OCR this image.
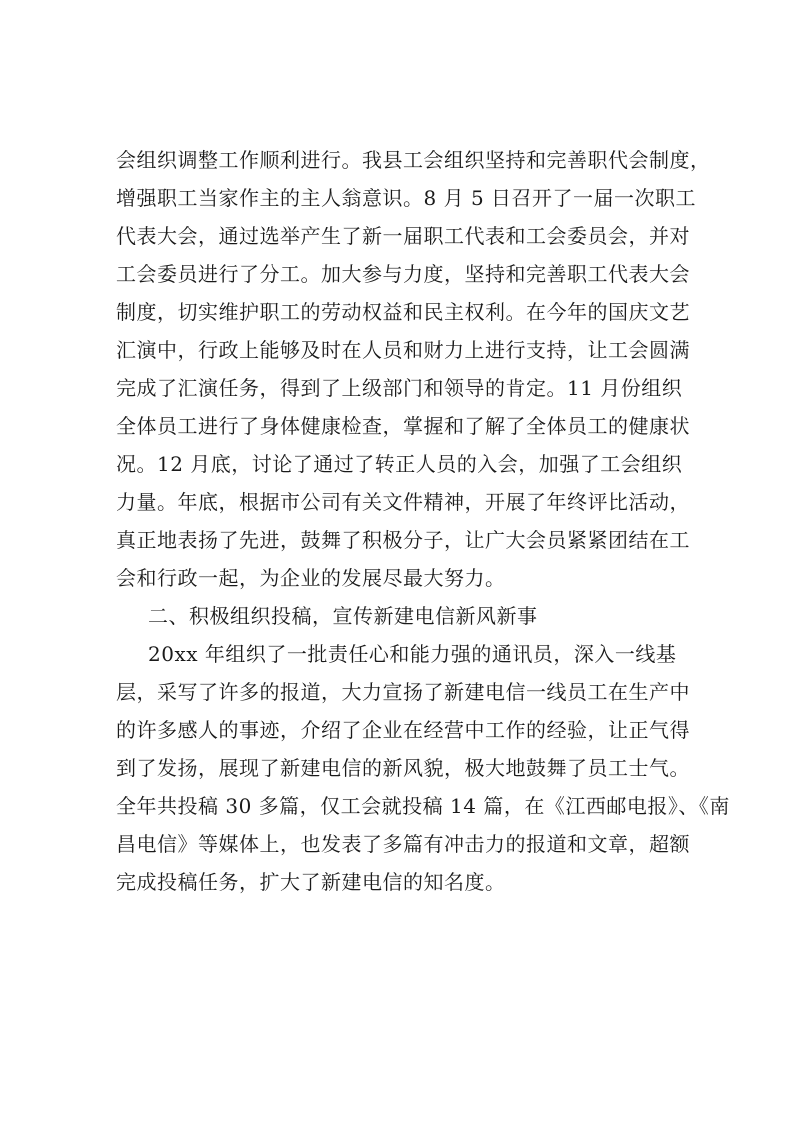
会组织调整工作顺利进行。我县工会组织坚持和完善职代会制度，
增强职工当家作主的主人翁意识。8 月 5 日召开了一届一次职工
代表大会，通过选举产生了新一届职工代表和工会委员会，并对
工会委员进行了分工。加大参与力度，坚持和完善职工代表大会
制度，切实维护职工的劳动权益和民主权利。在今年的国庆文艺
汇演中，行政上能够及时在人员和财力上进行支持，让工会圆满
完成了汇演任务，得到了上级部门和领导的肯定。11 月份组织
全体员工进行了身体健康检查，掌握和了解了全体员工的健康状
况。12 月底，讨论了通过了转正人员的入会，加强了工会组织
力量。年底，根据市公司有关文件精神，开展了年终评比活动，
真正地表扬了先进，鼓舞了积极分子，让广大会员紧紧团结在工
会和行政一起，为企业的发展尽最大努力。
二、积极组织投稿，宣传新建电信新风新事
20xx 年组织了一批责任心和能力强的通讯员，深入一线基
层，采写了许多的报道，大力宣扬了新建电信一线员工在生产中
的许多感人的事迹，介绍了企业在经营中工作的经验，让正气得
到了发扬，展现了新建电信的新风貌，极大地鼓舞了员工士气。
全年共投稿 30 多篇，仅工会就投稿 14 篇，在《江西邮电报》、《南
昌电信》等媒体上，也发表了多篇有冲击力的报道和文章，超额
完成投稿任务，扩大了新建电信的知名度。
